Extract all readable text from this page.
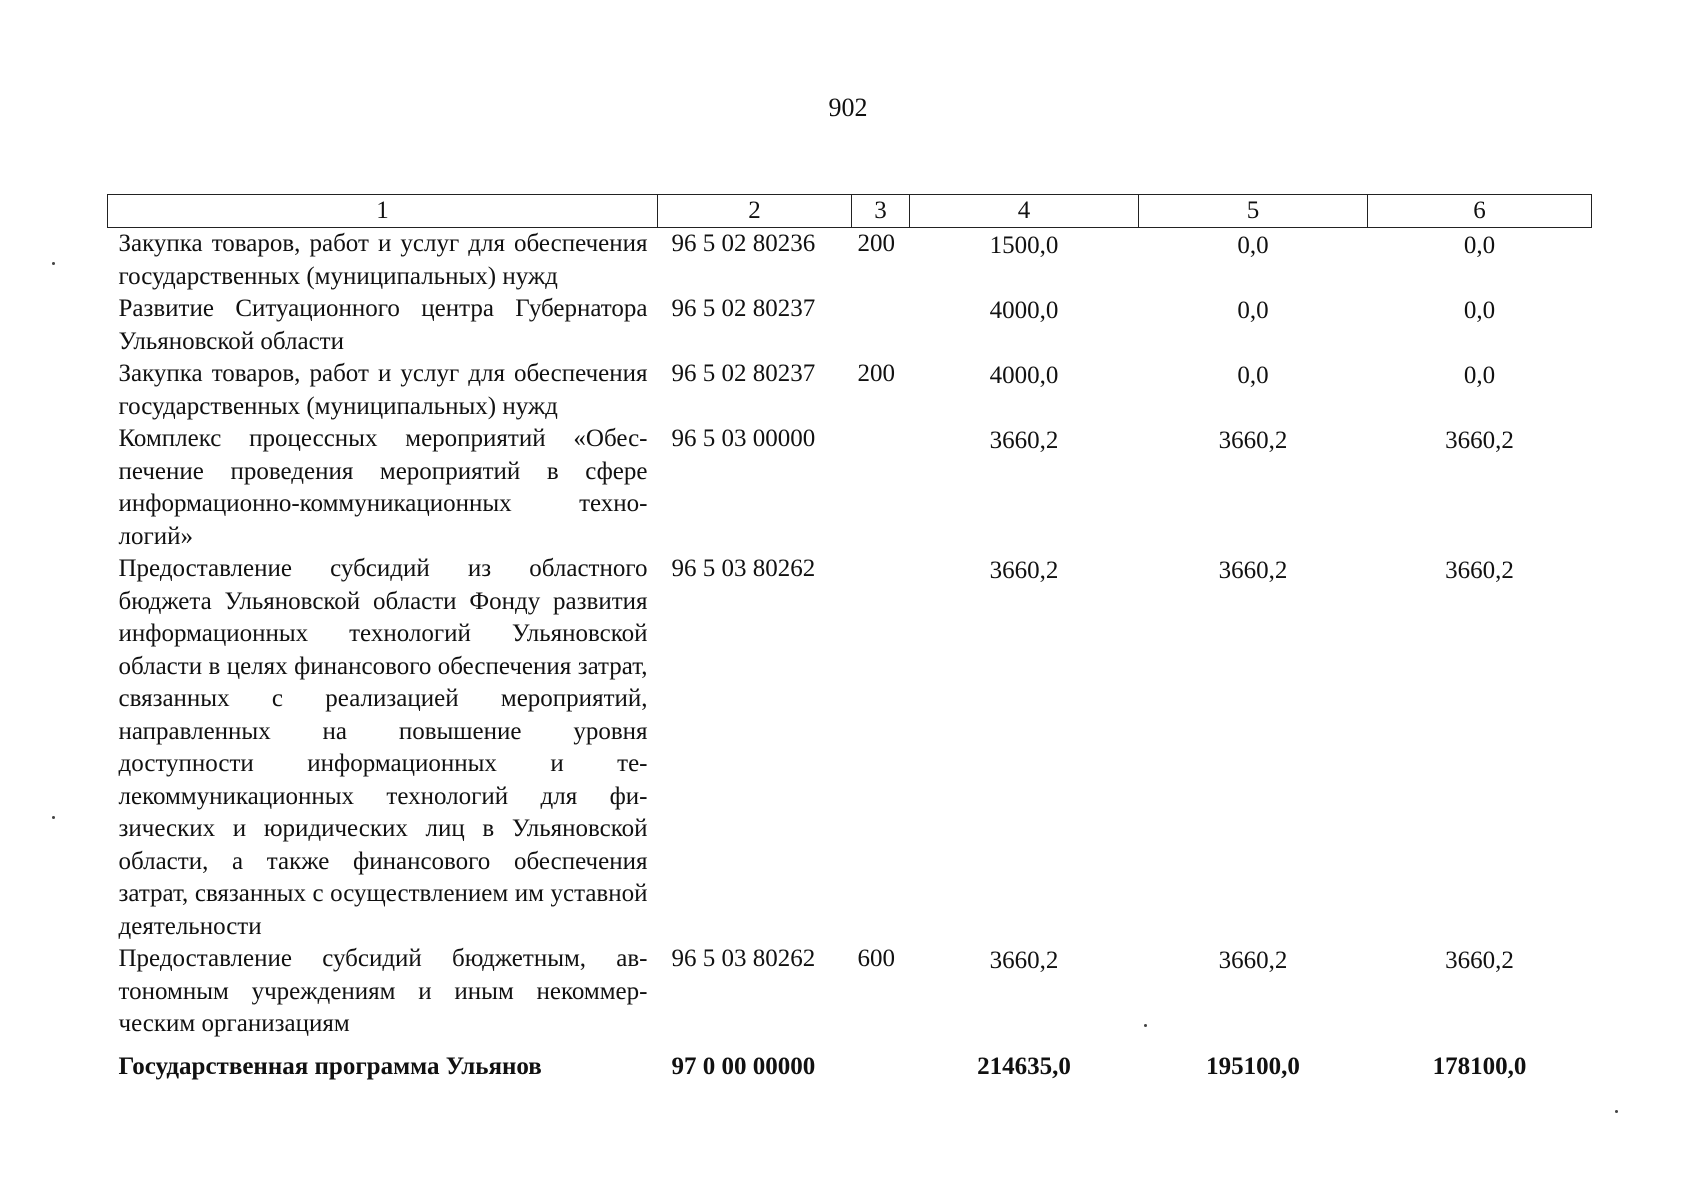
902
1	2	3	4	5	6
Закупка товаров, работ и услуг для обеспечения государственных (муниципальных) нужд	96 5 02 80236	200	1500,0	0,0	0,0
Развитие Ситуационного центра Губернатора Ульяновской области	96 5 02 80237		4000,0	0,0	0,0
Закупка товаров, работ и услуг для обеспечения государственных (муниципальных) нужд	96 5 02 80237	200	4000,0	0,0	0,0
Комплекс процессных мероприятий «Обеспечение проведения мероприятий в сфере информационно-коммуникационных технологий»	96 5 03 00000		3660,2	3660,2	3660,2
Предоставление субсидий из областного бюджета Ульяновской области Фонду развития информационных технологий Ульяновской области в целях финансового обеспечения затрат, связанных с реализацией мероприятий, направленных на повышение уровня доступности информационных и телекоммуникационных технологий для физических и юридических лиц в Ульяновской области, а также финансового обеспечения затрат, связанных с осуществлением им уставной деятельности	96 5 03 80262		3660,2	3660,2	3660,2
Предоставление субсидий бюджетным, автономным учреждениям и иным некоммерческим организациям	96 5 03 80262	600	3660,2	3660,2	3660,2
Государственная программа Ульянов	97 0 00 00000		214635,0	195100,0	178100,0
